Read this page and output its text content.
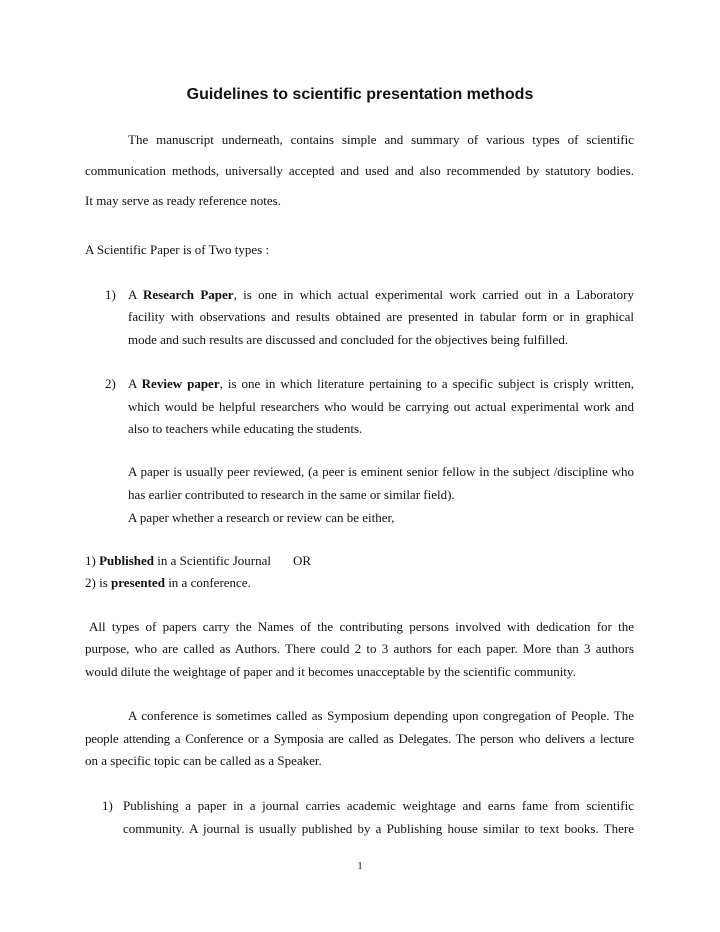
Guidelines to scientific presentation methods

The manuscript underneath, contains simple and summary of various types of scientific

communication methods, universally accepted and used and also recommended by statutory bodies.

It may serve as ready reference notes.

A Scientific Paper is of Two types :

1) A Research Paper, is one in which actual experimental work carried out in a Laboratory

facility with observations and results obtained are presented in tabular form or in graphical

mode and such results are discussed and concluded for the objectives being fulfilled.

2) A Review paper, is one in which literature pertaining to a specific subject is crisply written,

which would be helpful researchers who would be carrying out actual experimental work and

also to teachers while educating the students.

A paper is usually peer reviewed, (a peer is eminent senior fellow in the subject /discipline who

has earlier contributed to research in the same or similar field).

A paper whether a research or review can be either,

1) Published in a Scientific Journal OR

2) is presented in a conference.

All types of papers carry the Names of the contributing persons involved with dedication for the

purpose, who are called as Authors. There could 2 to 3 authors for each paper. More than 3 authors

would dilute the weightage of paper and it becomes unacceptable by the scientific community.

A conference is sometimes called as Symposium depending upon congregation of People. The

people attending a Conference or a Symposia are called as Delegates. The person who delivers a lecture

on a specific topic can be called as a Speaker.

1) Publishing a paper in a journal carries academic weightage and earns fame from scientific

community. A journal is usually published by a Publishing house similar to text books. There

1
